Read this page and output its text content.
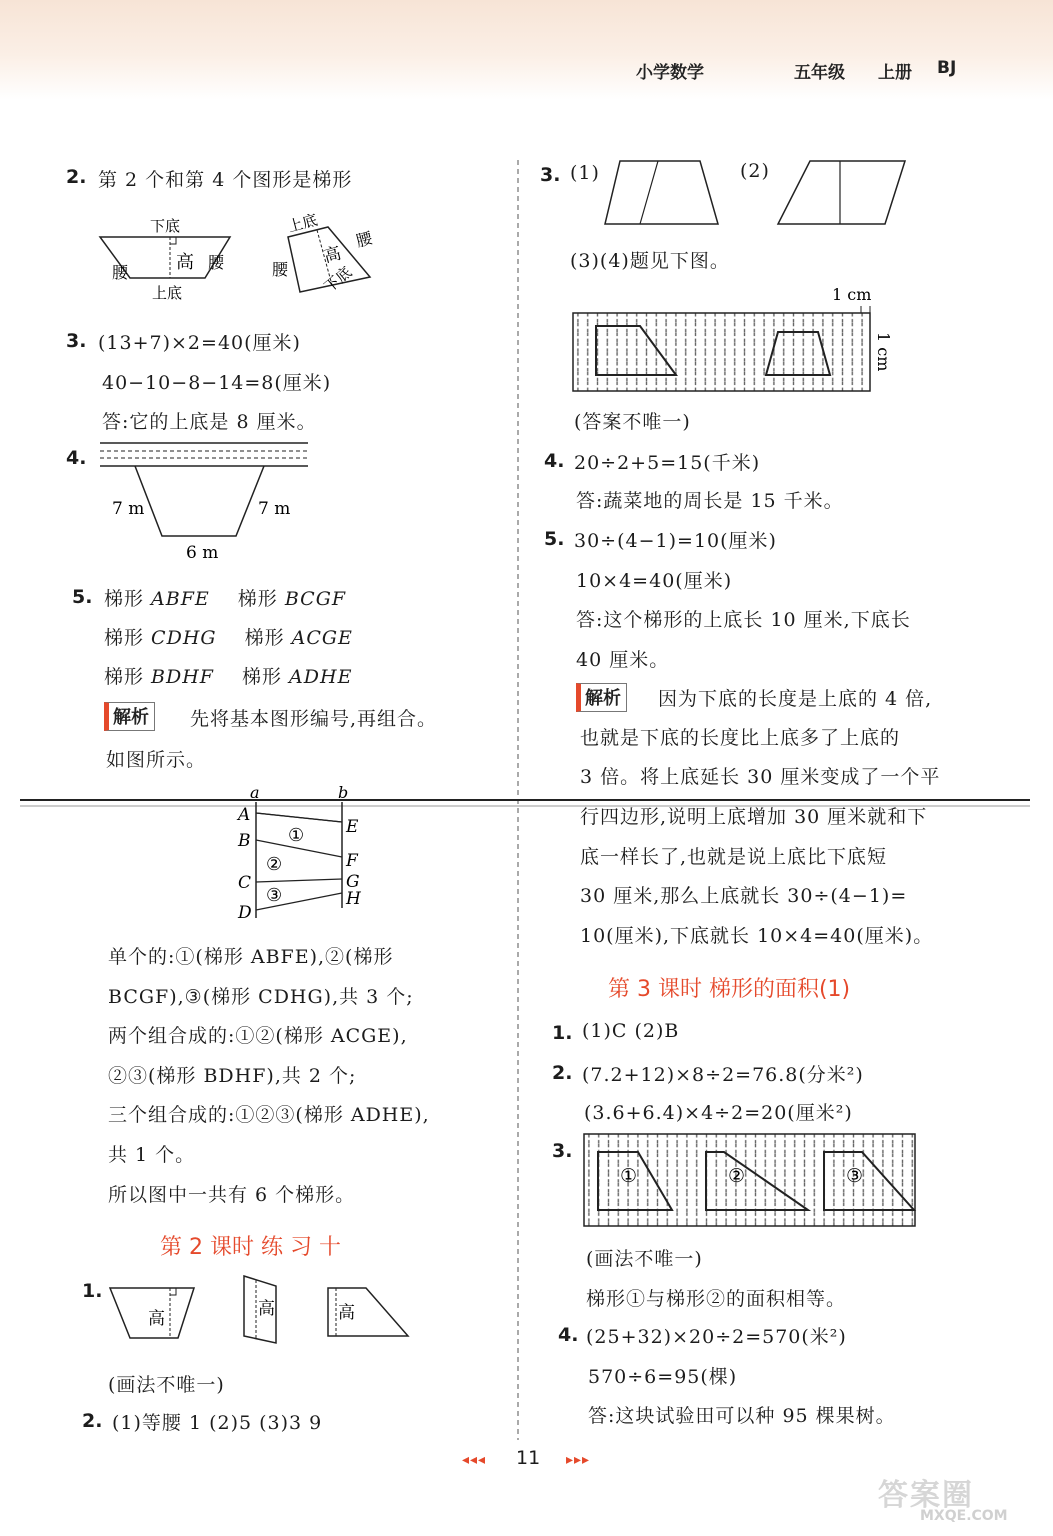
小学数学	五年级 上册 BJ
2. 第 2 个和第 4 个图形是梯形
下底
高
腰
腰
上底
上底
高
腰
腰
下底
3. (13+7)×2=40(厘米)
40−10−8−14=8(厘米)
答:它的上底是 8 厘米。
4.
7 m	7 m
6 m
5. 梯形 ABFE 梯形 BCGF
梯形 CDHG 梯形 ACGE
梯形 BDHF 梯形 ADHE
解析	先将基本图形编号,再组合。
如图所示。
a	b
A
B
C
D
E
F
G
H
①
②
③
单个的:①(梯形 ABFE),②(梯形
BCGF),③(梯形 CDHG),共 3 个;
两个组合成的:①②(梯形 ACGE),
②③(梯形 BDHF),共 2 个;
三个组合成的:①②③(梯形 ADHE),
共 1 个。
所以图中一共有 6 个梯形。
第 2 课时 练 习 十
1.
高	高	高
(画法不唯一)
2. (1)等腰 1 (2)5 (3)3 9
3. (1)	(2)
(3)(4)题见下图。
1 cm
1 cm
(答案不唯一)
4. 20÷2+5=15(千米)
答:蔬菜地的周长是 15 千米。
5. 30÷(4−1)=10(厘米)
10×4=40(厘米)
答:这个梯形的上底长 10 厘米,下底长
40 厘米。
解析	因为下底的长度是上底的 4 倍,
也就是下底的长度比上底多了上底的
3 倍。将上底延长 30 厘米变成了一个平
行四边形,说明上底增加 30 厘米就和下
底一样长了,也就是说上底比下底短
30 厘米,那么上底就长 30÷(4−1)=
10(厘米),下底就长 10×4=40(厘米)。
第 3 课时 梯形的面积(1)
1. (1)C (2)B
2. (7.2+12)×8÷2=76.8(分米²)
(3.6+6.4)×4÷2=20(厘米²)
3.
①	②	③
(画法不唯一)
梯形①与梯形②的面积相等。
4. (25+32)×20÷2=570(米²)
570÷6=95(棵)
答:这块试验田可以种 95 棵果树。
◂◂◂ 11 ▸▸▸
答案圈
MXQE.COM
